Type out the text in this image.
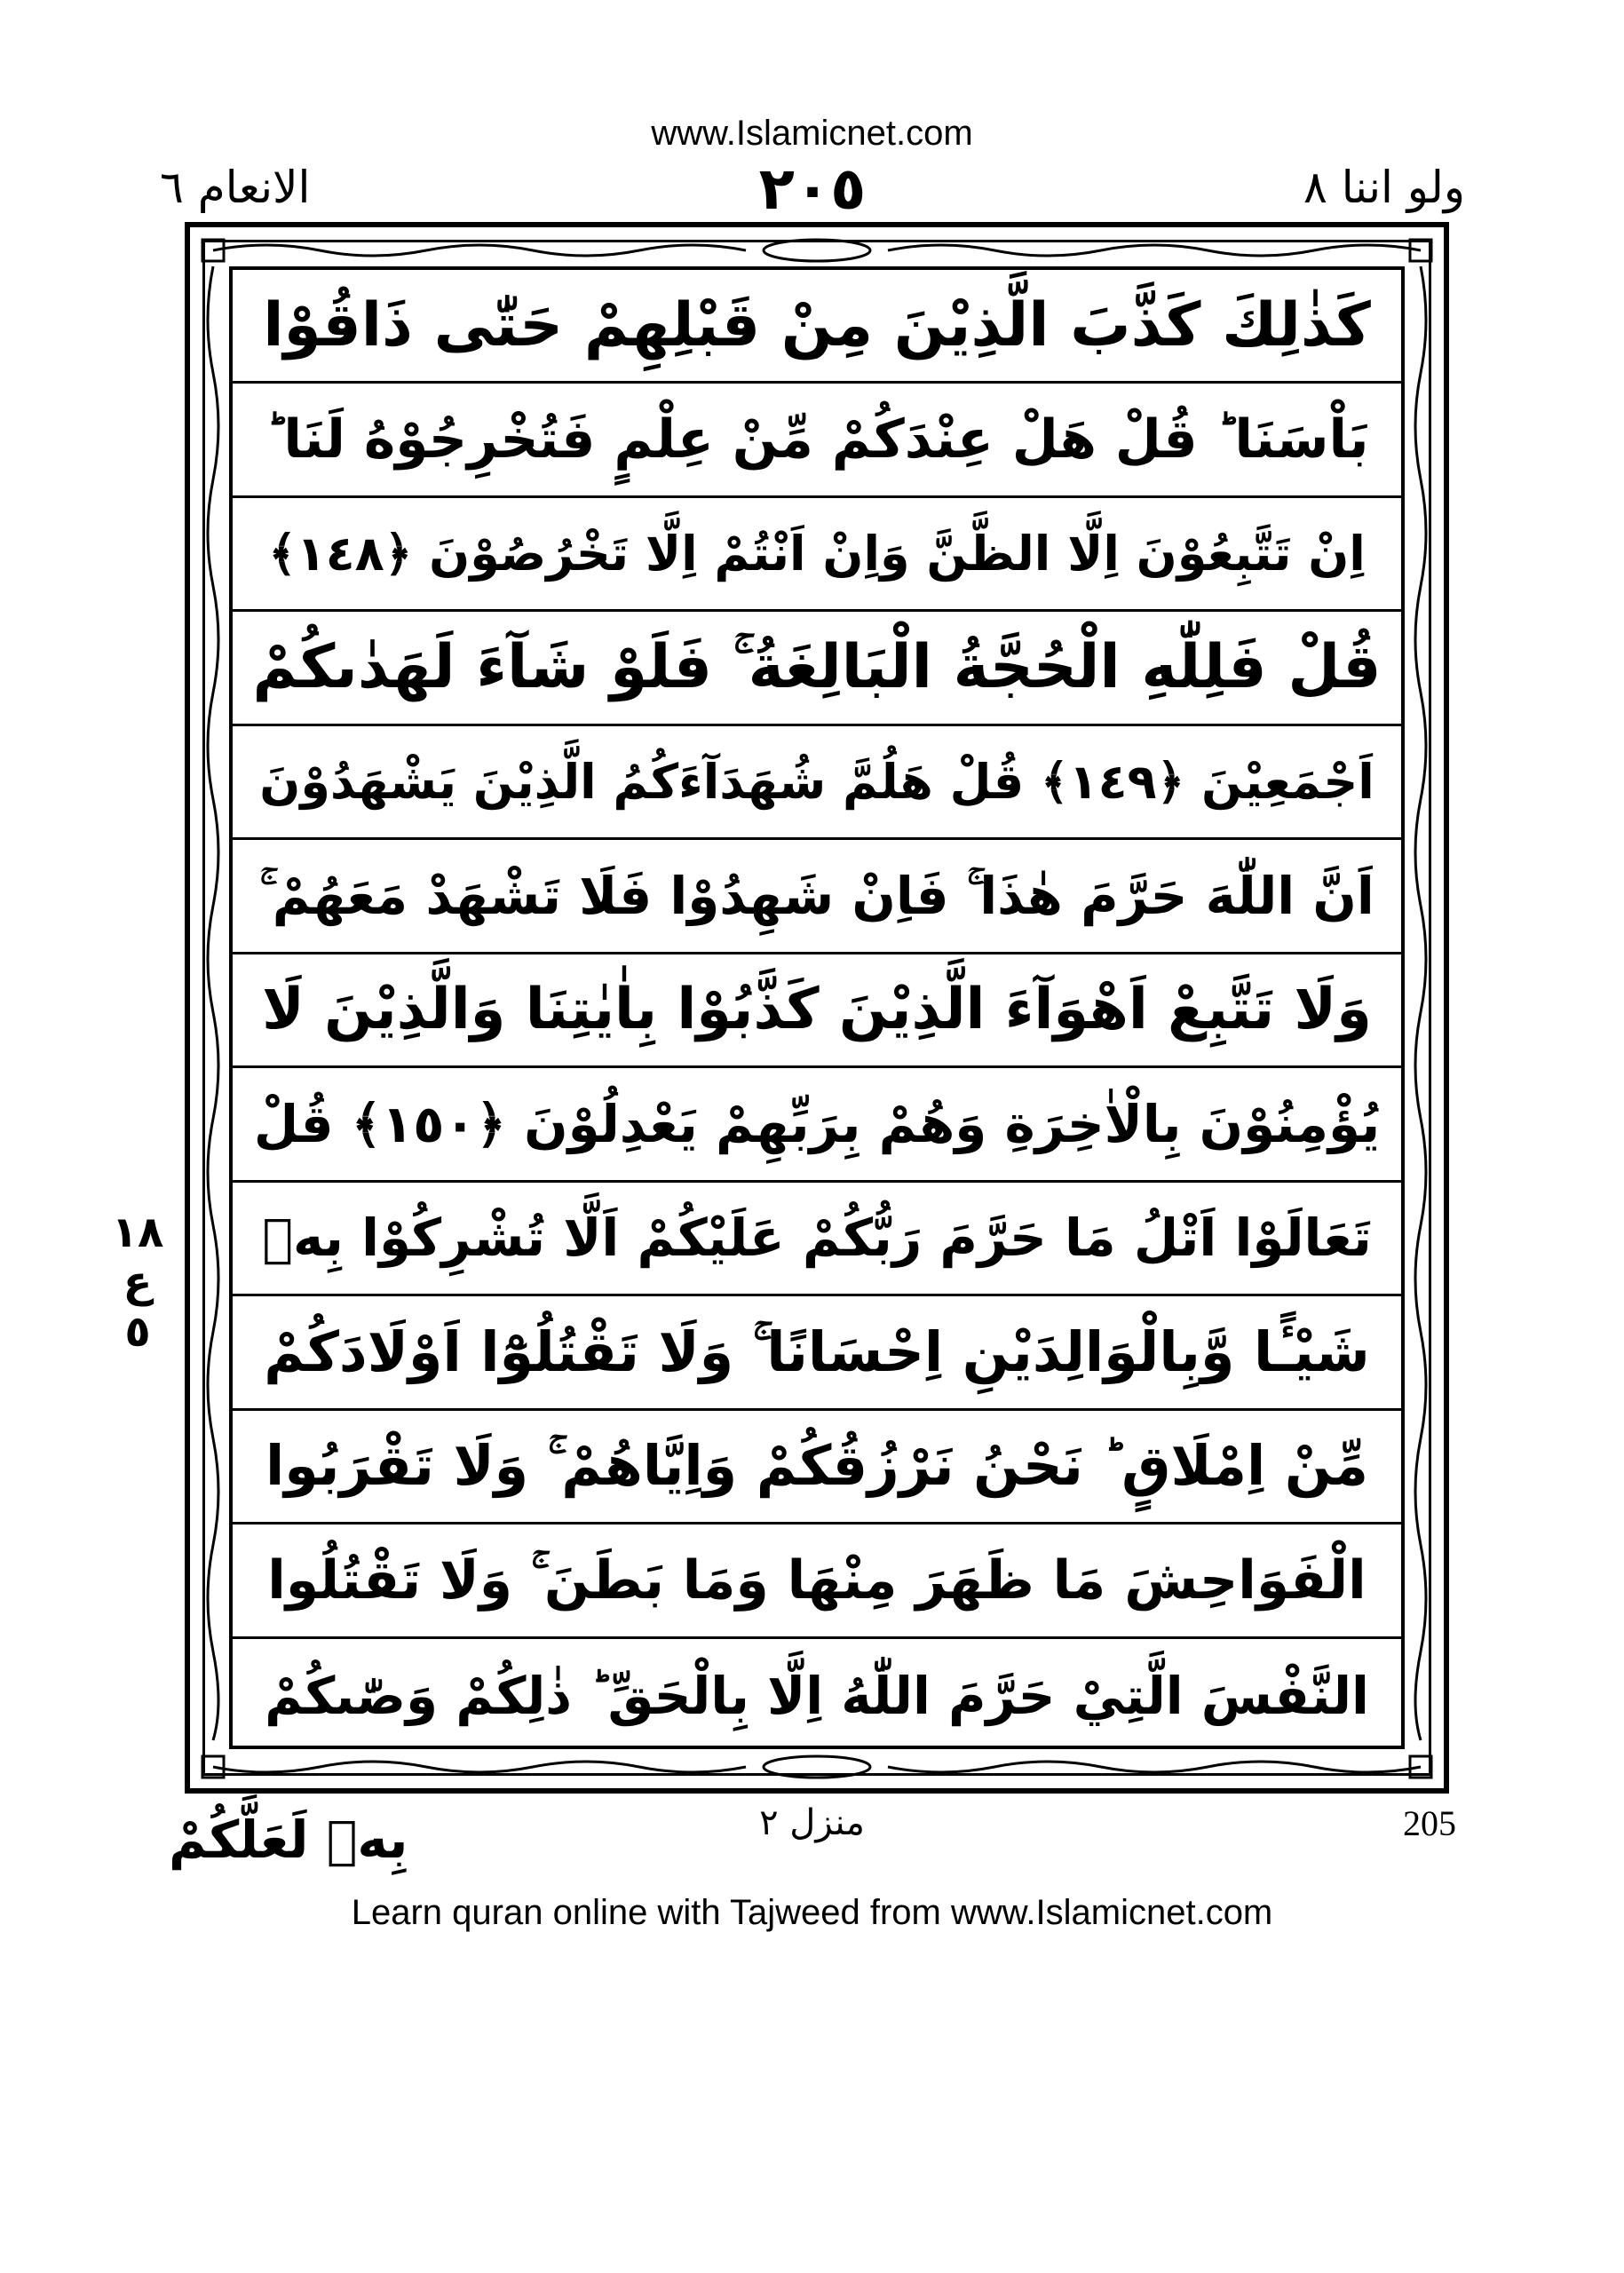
www.Islamicnet.com
الانعام ٦	٢٠٥	ولو اننا ٨
كَذٰلِكَ كَذَّبَ الَّذِيْنَ مِنْ قَبْلِهِمْ حَتّٰى ذَاقُوْا
بَاْسَنَا ؕ قُلْ هَلْ عِنْدَكُمْ مِّنْ عِلْمٍ فَتُخْرِجُوْهُ لَنَا ؕ
اِنْ تَتَّبِعُوْنَ اِلَّا الظَّنَّ وَاِنْ اَنْتُمْ اِلَّا تَخْرُصُوْنَ ﴿١٤٨﴾
قُلْ فَلِلّٰهِ الْحُجَّةُ الْبَالِغَةُ ۚ فَلَوْ شَآءَ لَهَدٰىكُمْ
اَجْمَعِيْنَ ﴿١٤٩﴾ قُلْ هَلُمَّ شُهَدَآءَكُمُ الَّذِيْنَ يَشْهَدُوْنَ
اَنَّ اللّٰهَ حَرَّمَ هٰذَا ۚ فَاِنْ شَهِدُوْا فَلَا تَشْهَدْ مَعَهُمْ ۚ
وَلَا تَتَّبِعْ اَهْوَآءَ الَّذِيْنَ كَذَّبُوْا بِاٰيٰتِنَا وَالَّذِيْنَ لَا
يُؤْمِنُوْنَ بِالْاٰخِرَةِ وَهُمْ بِرَبِّهِمْ يَعْدِلُوْنَ ﴿١٥٠﴾ قُلْ
تَعَالَوْا اَتْلُ مَا حَرَّمَ رَبُّكُمْ عَلَيْكُمْ اَلَّا تُشْرِكُوْا بِهٖ
شَيْـًٔا وَّبِالْوَالِدَيْنِ اِحْسَانًا ۚ وَلَا تَقْتُلُوْٓا اَوْلَادَكُمْ
مِّنْ اِمْلَاقٍ ؕ نَحْنُ نَرْزُقُكُمْ وَاِيَّاهُمْ ۚ وَلَا تَقْرَبُوا
الْفَوَاحِشَ مَا ظَهَرَ مِنْهَا وَمَا بَطَنَ ۚ وَلَا تَقْتُلُوا
النَّفْسَ الَّتِيْ حَرَّمَ اللّٰهُ اِلَّا بِالْحَقِّ ؕ ذٰلِكُمْ وَصّٰىكُمْ
١٨
ع
٥
بِهٖ لَعَلَّكُمْ	منزل ٢	205
Learn quran online with Tajweed from www.Islamicnet.com
